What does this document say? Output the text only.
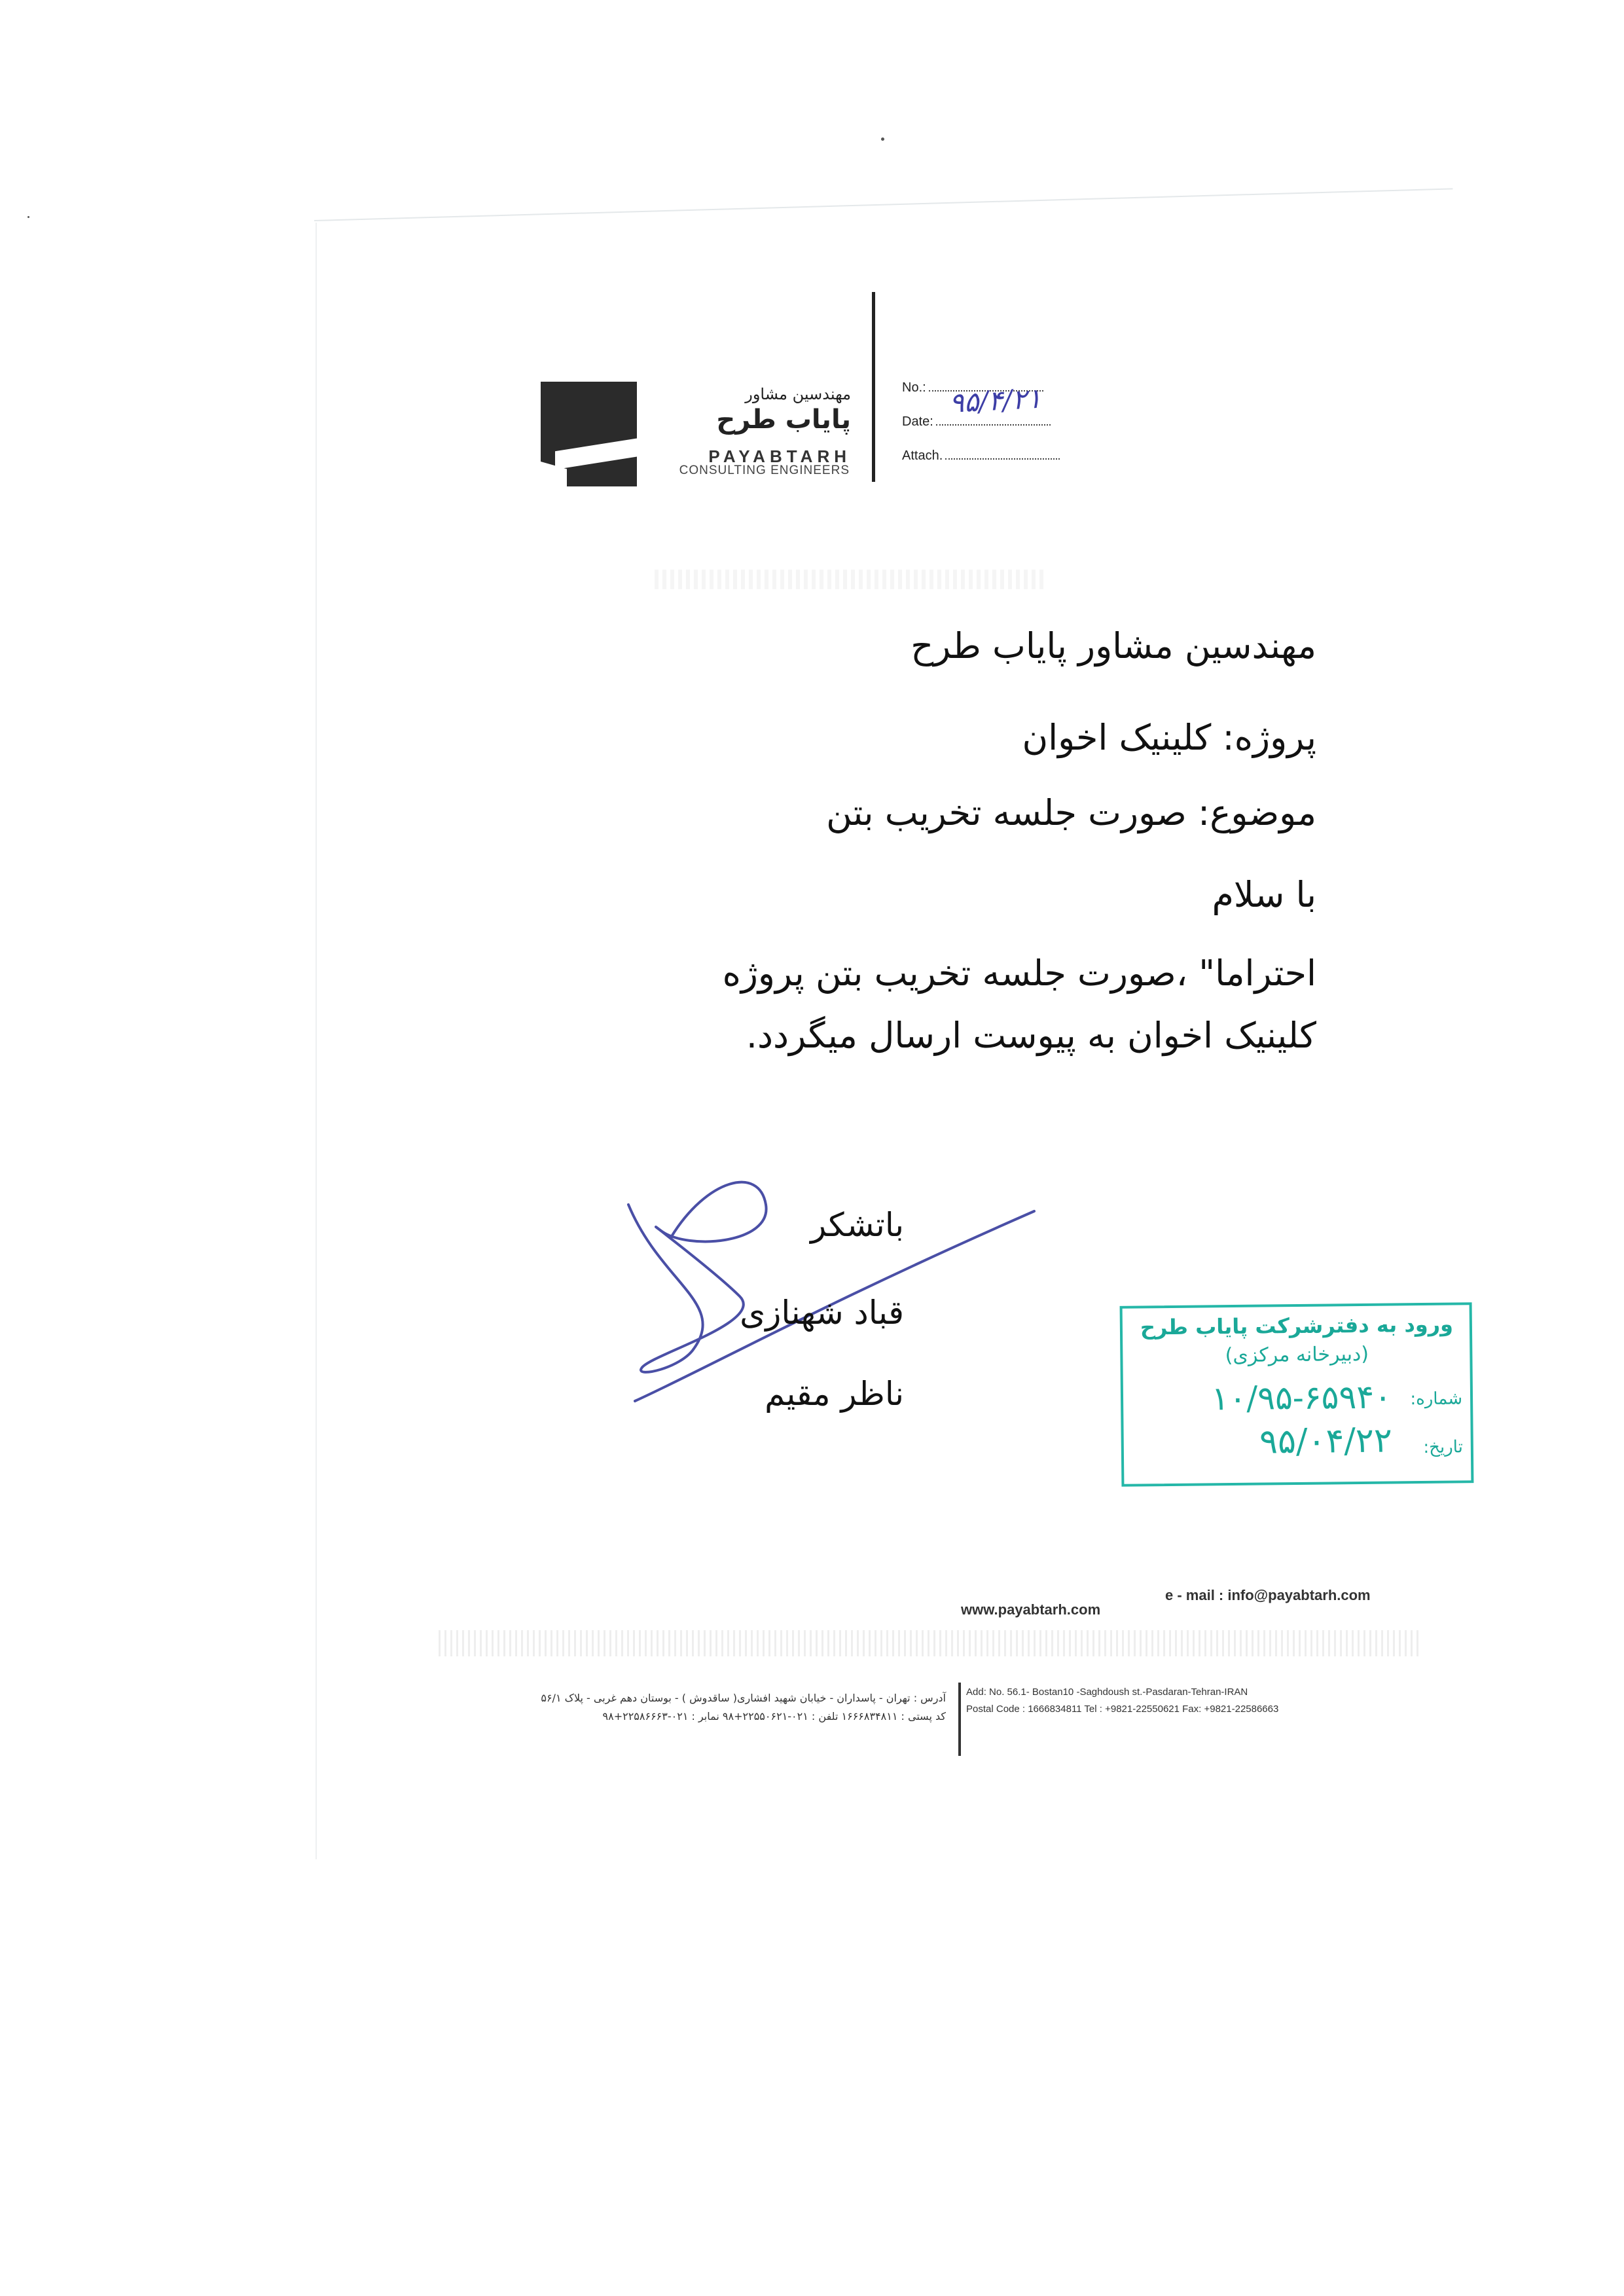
مهندسین مشاور
پایاب طرح
PAYABTARH
CONSULTING ENGINEERS
No.:
Date:
Attach.
۹۵/۴/۲۱
مهندسین مشاور پایاب طرح
پروژه: کلینیک اخوان
موضوع: صورت جلسه تخریب بتن
با سلام
احتراما" ،صورت جلسه تخریب بتن پروژه
کلینیک اخوان به پیوست ارسال میگردد.
باتشکر
قباد شهنازی
ناظر مقیم
ورود به دفترشرکت پایاب طرح
(دبیرخانه مرکزی)
شماره:
۱۰/۹۵-۶۵۹۴۰
تاریخ:
۹۵/۰۴/۲۲
www.payabtarh.com
e - mail : info@payabtarh.com
Add: No. 56.1- Bostan10 -Saghdoush st.-Pasdaran-Tehran-IRAN
Postal Code : 1666834811 Tel : +9821-22550621 Fax: +9821-22586663
آدرس : تهران - پاسداران - خیابان شهید افشاری( ساقدوش ) - بوستان دهم غربی - پلاک ۵۶/۱
کد پستی : ۱۶۶۶۸۳۴۸۱۱ تلفن : ۰۲۱-۲۲۵۵۰۶۲۱+۹۸ نمابر : ۰۲۱-۲۲۵۸۶۶۶۳+۹۸
